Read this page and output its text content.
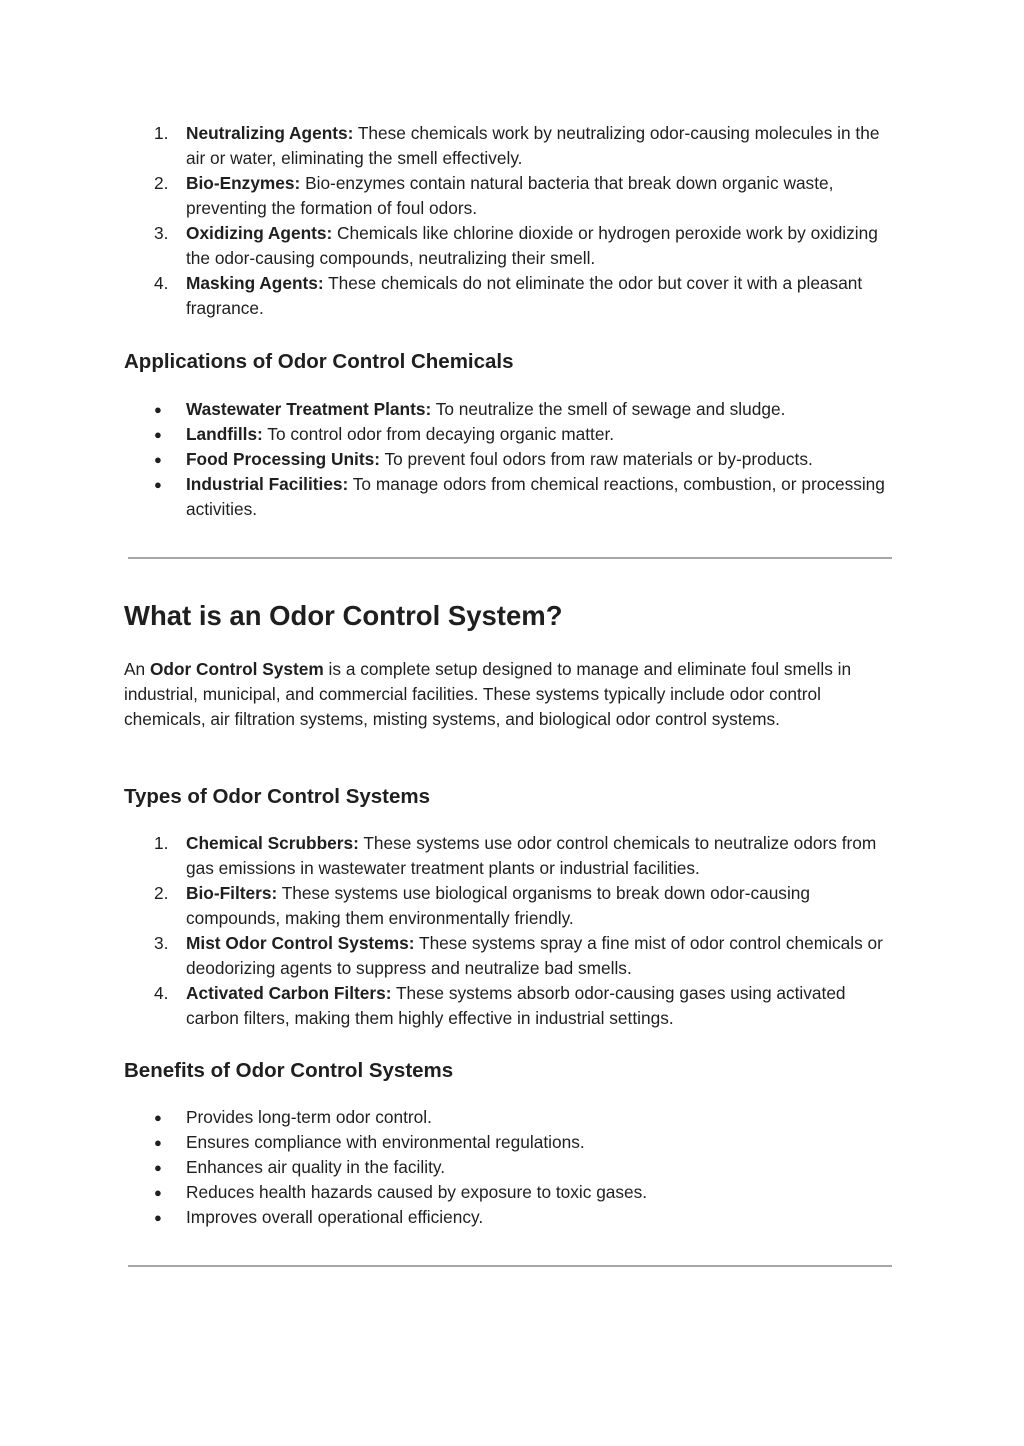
1. Neutralizing Agents: These chemicals work by neutralizing odor-causing molecules in the air or water, eliminating the smell effectively.
2. Bio-Enzymes: Bio-enzymes contain natural bacteria that break down organic waste, preventing the formation of foul odors.
3. Oxidizing Agents: Chemicals like chlorine dioxide or hydrogen peroxide work by oxidizing the odor-causing compounds, neutralizing their smell.
4. Masking Agents: These chemicals do not eliminate the odor but cover it with a pleasant fragrance.
Applications of Odor Control Chemicals
● Wastewater Treatment Plants: To neutralize the smell of sewage and sludge.
● Landfills: To control odor from decaying organic matter.
● Food Processing Units: To prevent foul odors from raw materials or by-products.
● Industrial Facilities: To manage odors from chemical reactions, combustion, or processing activities.
What is an Odor Control System?

An Odor Control System is a complete setup designed to manage and eliminate foul smells in industrial, municipal, and commercial facilities. These systems typically include odor control chemicals, air filtration systems, misting systems, and biological odor control systems.

Types of Odor Control Systems
1. Chemical Scrubbers: These systems use odor control chemicals to neutralize odors from gas emissions in wastewater treatment plants or industrial facilities.
2. Bio-Filters: These systems use biological organisms to break down odor-causing compounds, making them environmentally friendly.
3. Mist Odor Control Systems: These systems spray a fine mist of odor control chemicals or deodorizing agents to suppress and neutralize bad smells.
4. Activated Carbon Filters: These systems absorb odor-causing gases using activated carbon filters, making them highly effective in industrial settings.
Benefits of Odor Control Systems
● Provides long-term odor control.
● Ensures compliance with environmental regulations.
● Enhances air quality in the facility.
● Reduces health hazards caused by exposure to toxic gases.
● Improves overall operational efficiency.
